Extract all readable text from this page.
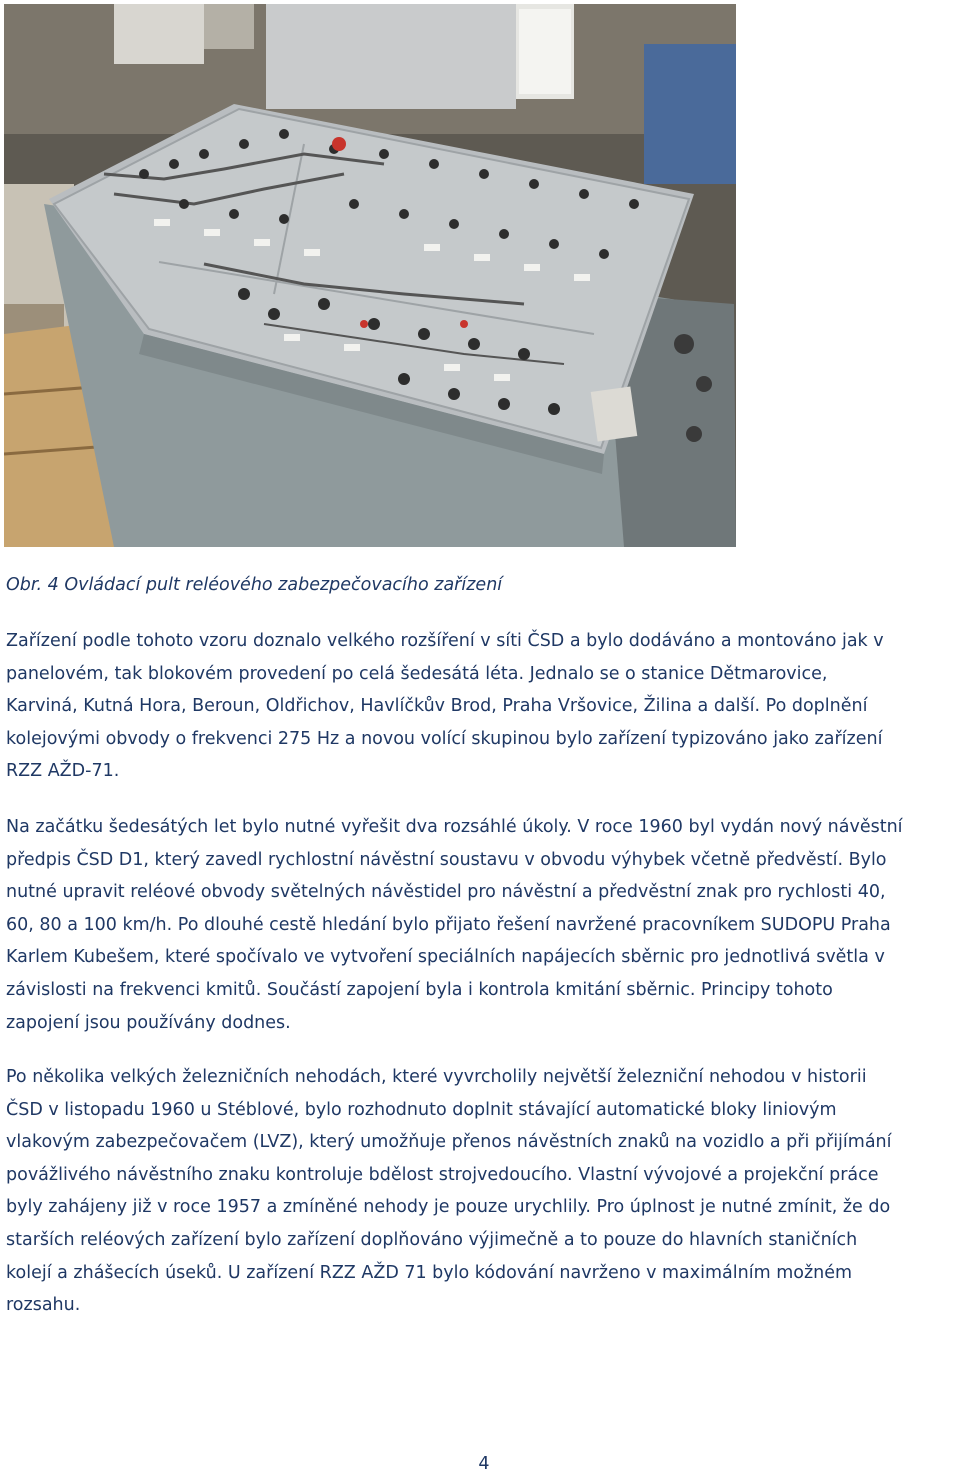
Obr. 4 Ovládací pult reléového zabezpečovacího zařízení
Zařízení podle tohoto vzoru doznalo velkého rozšíření v síti ČSD a bylo dodáváno a montováno jak v
panelovém, tak blokovém provedení po celá šedesátá léta. Jednalo se o stanice Dětmarovice,
Karviná, Kutná Hora, Beroun, Oldřichov, Havlíčkův Brod, Praha Vršovice, Žilina a další. Po doplnění
kolejovými obvody o frekvenci 275 Hz a novou volící skupinou bylo zařízení typizováno jako zařízení
RZZ AŽD-71.
Na začátku šedesátých let bylo nutné vyřešit dva rozsáhlé úkoly. V roce 1960 byl vydán nový návěstní
předpis ČSD D1, který zavedl rychlostní návěstní soustavu v obvodu výhybek včetně předvěstí. Bylo
nutné upravit reléové obvody světelných návěstidel pro návěstní a předvěstní znak pro rychlosti 40,
60, 80 a 100 km/h. Po dlouhé cestě hledání bylo přijato řešení navržené pracovníkem SUDOPU Praha
Karlem Kubešem, které spočívalo ve vytvoření speciálních napájecích sběrnic pro jednotlivá světla v
závislosti na frekvenci kmitů. Součástí zapojení byla i kontrola kmitání sběrnic. Principy tohoto
zapojení jsou používány dodnes.
Po několika velkých železničních nehodách, které vyvrcholily největší železniční nehodou v historii
ČSD v listopadu 1960 u Stéblové, bylo rozhodnuto doplnit stávající automatické bloky liniovým
vlakovým zabezpečovačem (LVZ), který umožňuje přenos návěstních znaků na vozidlo a při přijímání
povážlivého návěstního znaku kontroluje bdělost strojvedoucího. Vlastní vývojové a projekční práce
byly zahájeny již v roce 1957 a zmíněné nehody je pouze urychlily. Pro úplnost je nutné zmínit, že do
starších reléových zařízení bylo zařízení doplňováno výjimečně a to pouze do hlavních staničních
kolejí a zhášecích úseků. U zařízení RZZ AŽD 71 bylo kódování navrženo v maximálním možném
rozsahu.
4
